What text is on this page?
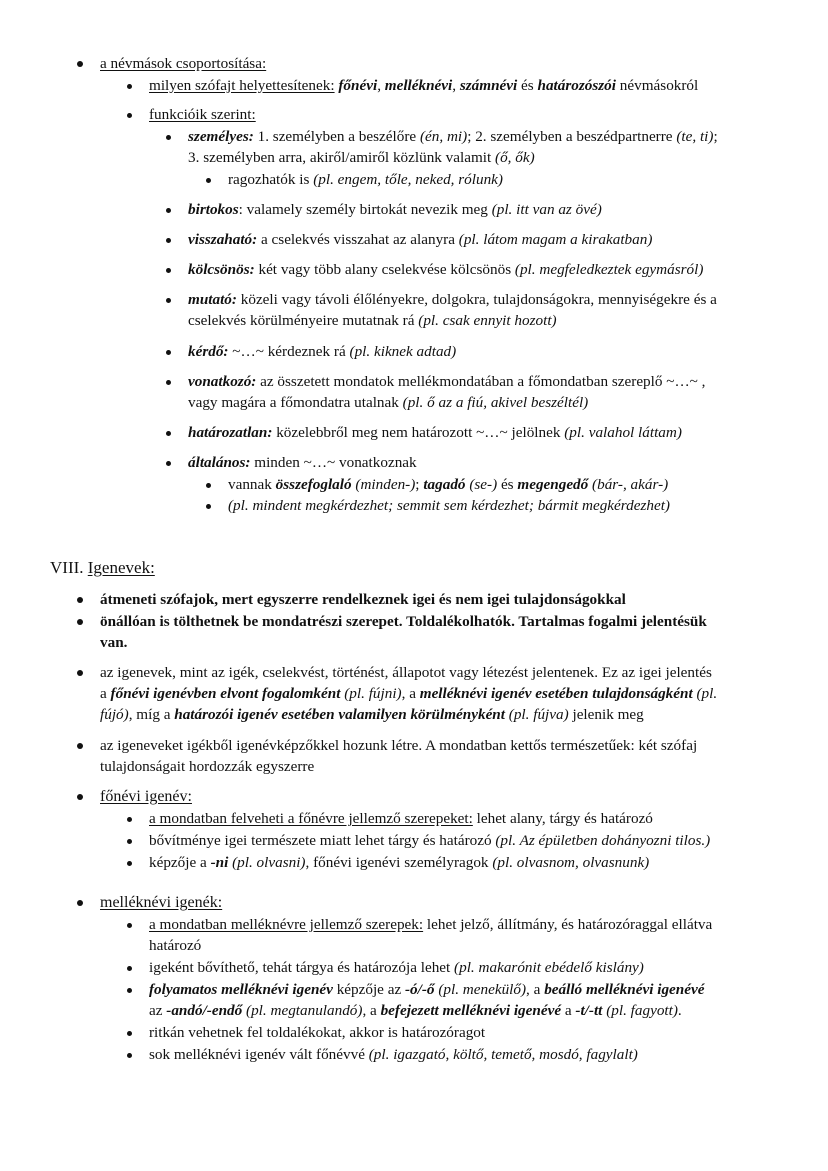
a névmások csoportosítása:
milyen szófajt helyettesítenek: főnévi, melléknévi, számnévi és határozószói névmásokról
funkcióik szerint:
személyes: 1. személyben a beszélőre (én, mi); 2. személyben a beszédpartnerre (te, ti);
3. személyben arra, akiről/amiről közlünk valamit (ő, ők)
ragozhatók is (pl. engem, tőle, neked, rólunk)
birtokos: valamely személy birtokát nevezik meg (pl. itt van az övé)
visszaható: a cselekvés visszahat az alanyra (pl. látom magam a kirakatban)
kölcsönös: két vagy több alany cselekvése kölcsönös (pl. megfeledkeztek egymásról)
mutató: közeli vagy távoli élőlényekre, dolgokra, tulajdonságokra, mennyiségekre és a
cselekvés körülményeire mutatnak rá (pl. csak ennyit hozott)
kérdő: ~…~ kérdeznek rá (pl. kiknek adtad)
vonatkozó: az összetett mondatok mellékmondatában a főmondatban szereplő ~…~ ,
vagy magára a főmondatra utalnak (pl. ő az a fiú, akivel beszéltél)
határozatlan: közelebbről meg nem határozott ~…~ jelölnek (pl. valahol láttam)
általános: minden ~…~ vonatkoznak
vannak összefoglaló (minden-); tagadó (se-) és megengedő (bár-, akár-)
(pl. mindent megkérdezhet; semmit sem kérdezhet; bármit megkérdezhet)
VIII. Igenevek:
átmeneti szófajok, mert egyszerre rendelkeznek igei és nem igei tulajdonságokkal
önállóan is tölthetnek be mondatrészi szerepet. Toldalékolhatók. Tartalmas fogalmi jelentésük
van.
az igenevek, mint az igék, cselekvést, történést, állapotot vagy létezést jelentenek. Ez az igei jelentés
a főnévi igenévben elvont fogalomként (pl. fújni), a melléknévi igenév esetében tulajdonságként (pl.
fújó), míg a határozói igenév esetében valamilyen körülményként (pl. fújva) jelenik meg
az igeneveket igékből igenévképzőkkel hozunk létre. A mondatban kettős természetűek: két szófaj
tulajdonságait hordozzák egyszerre
főnévi igenév:
a mondatban felveheti a főnévre jellemző szerepeket: lehet alany, tárgy és határozó
bővítménye igei természete miatt lehet tárgy és határozó (pl. Az épületben dohányozni tilos.)
képzője a -ni (pl. olvasni), főnévi igenévi személyragok (pl. olvasnom, olvasnunk)
melléknévi igenék:
a mondatban melléknévre jellemző szerepek: lehet jelző, állítmány, és határozóraggal ellátva
határozó
igeként bővíthető, tehát tárgya és határozója lehet (pl. makarónit ebédelő kislány)
folyamatos melléknévi igenév képzője az -ó/-ő (pl. menekülő), a beálló melléknévi igenévé
az -andó/-endő (pl. megtanulandó), a befejezett melléknévi igenévé a -t/-tt (pl. fagyott).
ritkán vehetnek fel toldalékokat, akkor is határozóragot
sok melléknévi igenév vált főnévvé (pl. igazgató, költő, temető, mosdó, fagylalt)
